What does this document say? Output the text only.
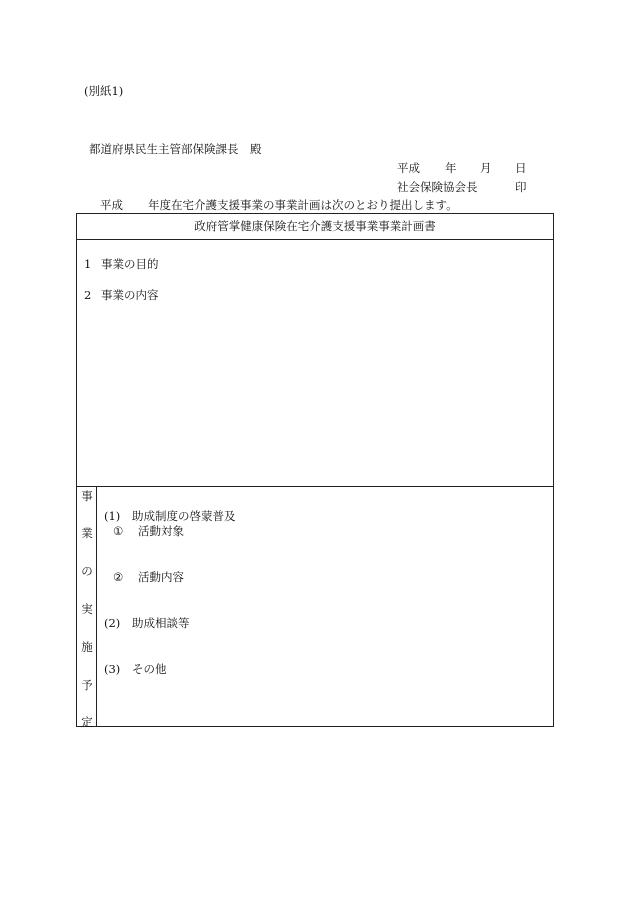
(別紙1)
都道府県民生主管部保険課長　殿
平成 年 月 日
社会保険協会長	印
平成 年度在宅介護支援事業の事業計画は次のとおり提出します。
政府管掌健康保険在宅介護支援事業事業計画書
1 事業の目的
2 事業の内容
事
業
の
実
施
予
定
(1) 助成制度の啓蒙普及
① 活動対象
② 活動内容
(2) 助成相談等
(3) その他
